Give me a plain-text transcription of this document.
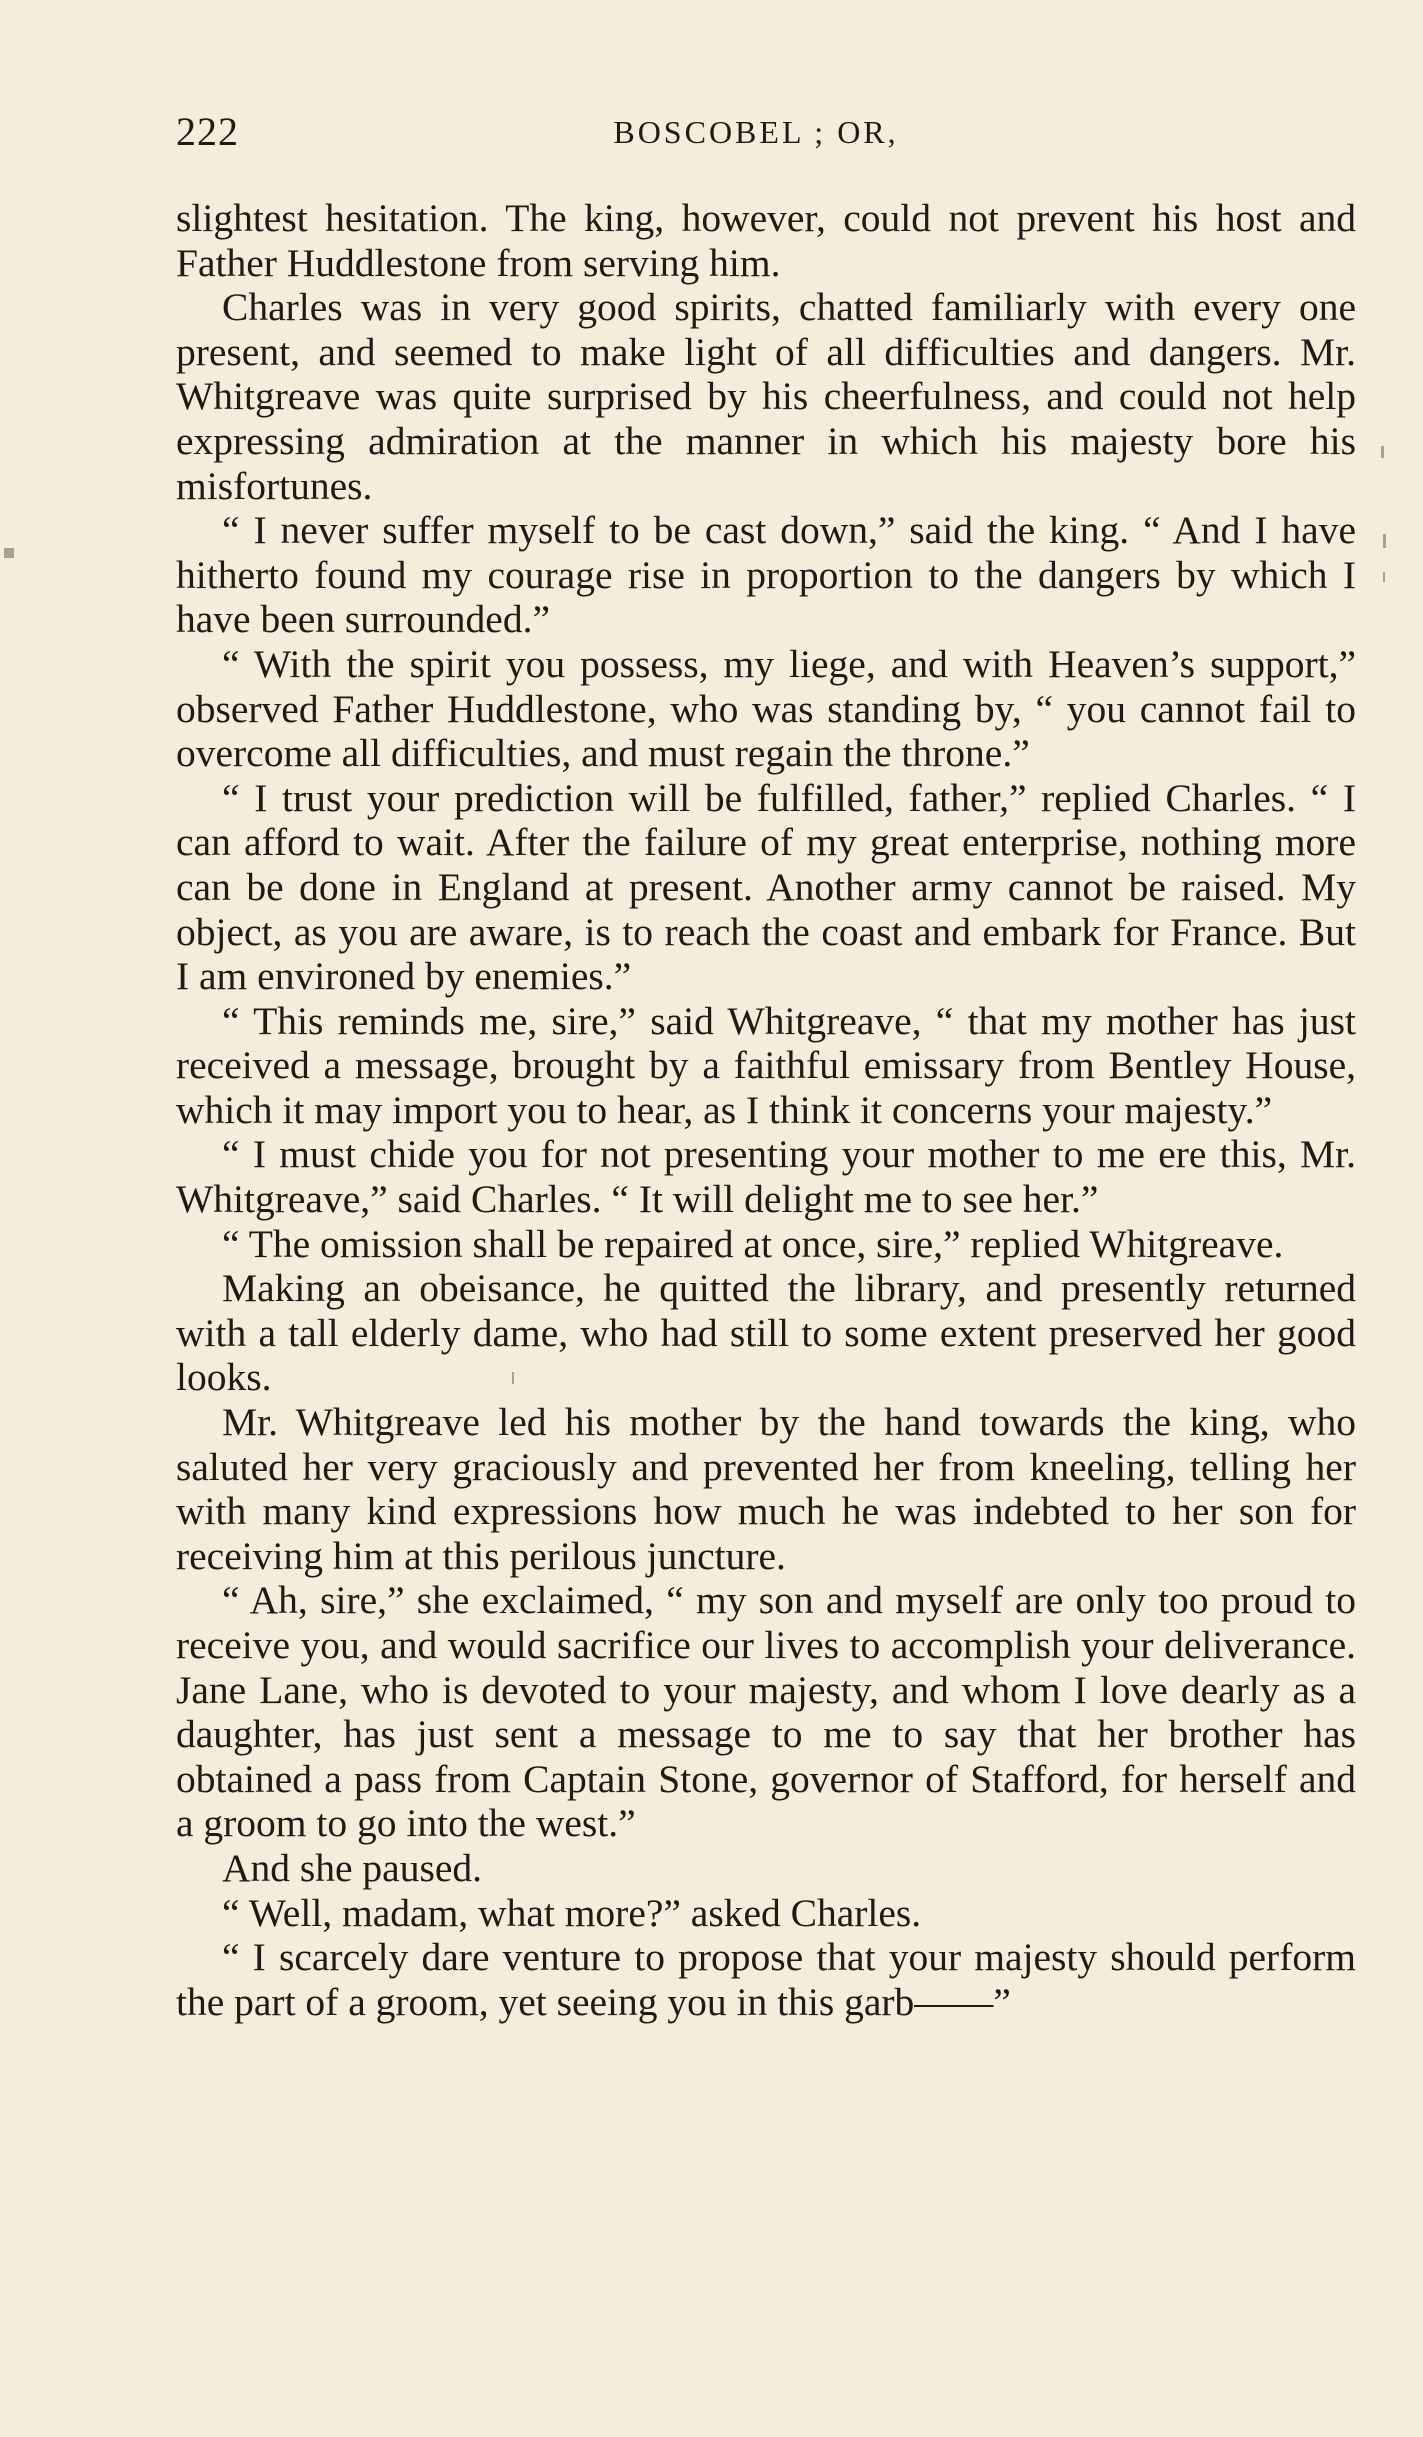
222	BOSCOBEL ; OR,

slightest hesitation. The king, however, could not prevent his host and Father Huddlestone from serving him.

Charles was in very good spirits, chatted familiarly with every one present, and seemed to make light of all difficulties and dangers. Mr. Whitgreave was quite surprised by his cheerfulness, and could not help expressing admiration at the manner in which his majesty bore his misfortunes.

“ I never suffer myself to be cast down,” said the king. “ And I have hitherto found my courage rise in proportion to the dangers by which I have been surrounded.”

“ With the spirit you possess, my liege, and with Heaven’s support,” observed Father Huddlestone, who was standing by, “ you cannot fail to overcome all difficulties, and must regain the throne.”

“ I trust your prediction will be fulfilled, father,” replied Charles. “ I can afford to wait. After the failure of my great enterprise, nothing more can be done in England at present. Another army cannot be raised. My object, as you are aware, is to reach the coast and embark for France. But I am environed by enemies.”

“ This reminds me, sire,” said Whitgreave, “ that my mother has just received a message, brought by a faithful emissary from Bentley House, which it may import you to hear, as I think it concerns your majesty.”

“ I must chide you for not presenting your mother to me ere this, Mr. Whitgreave,” said Charles. “ It will delight me to see her.”

“ The omission shall be repaired at once, sire,” replied Whitgreave.

Making an obeisance, he quitted the library, and presently returned with a tall elderly dame, who had still to some extent preserved her good looks.

Mr. Whitgreave led his mother by the hand towards the king, who saluted her very graciously and prevented her from kneeling, telling her with many kind expressions how much he was indebted to her son for receiving him at this perilous juncture.

“ Ah, sire,” she exclaimed, “ my son and myself are only too proud to receive you, and would sacrifice our lives to accomplish your deliverance. Jane Lane, who is devoted to your majesty, and whom I love dearly as a daughter, has just sent a message to me to say that her brother has obtained a pass from Captain Stone, governor of Stafford, for herself and a groom to go into the west.”

And she paused.

“ Well, madam, what more?” asked Charles.

“ I scarcely dare venture to propose that your majesty should perform the part of a groom, yet seeing you in this garb——”
